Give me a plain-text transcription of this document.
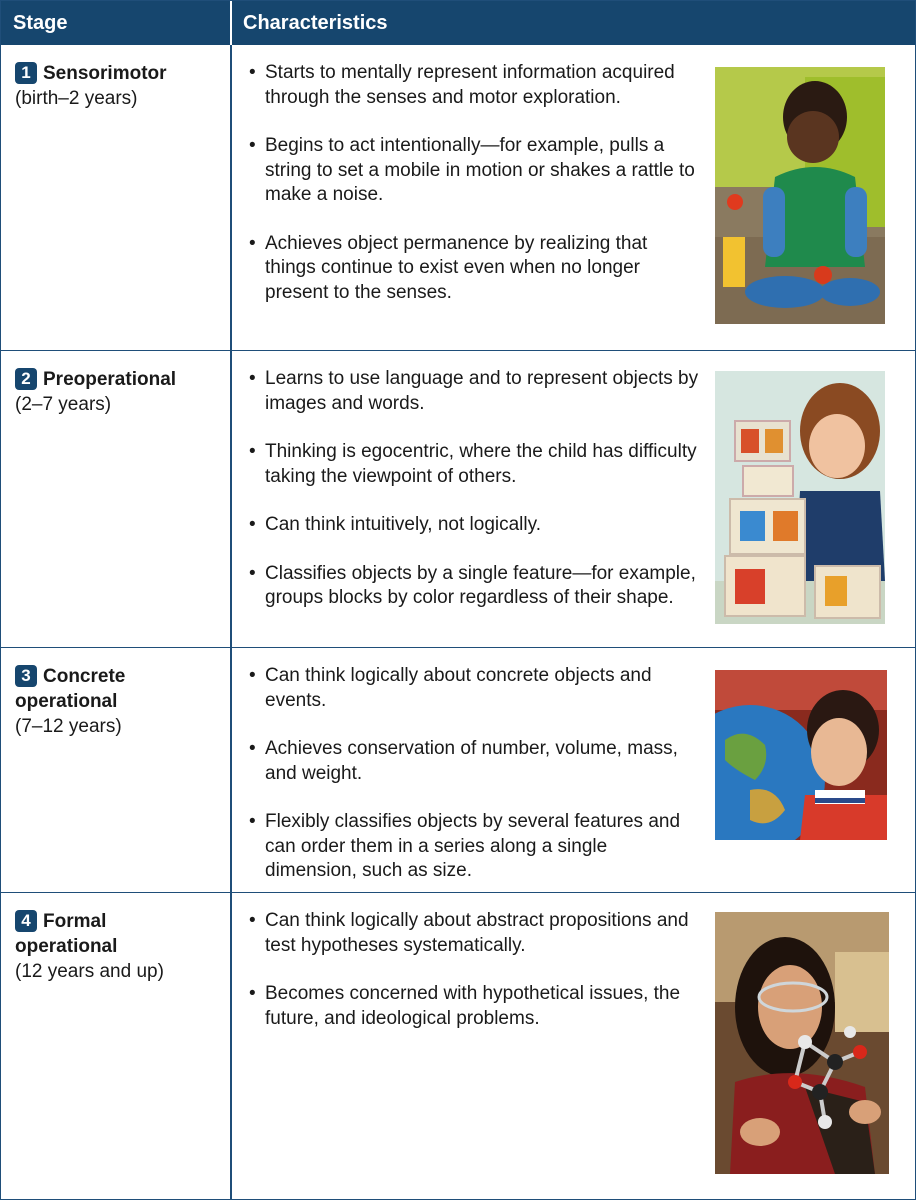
Stage	Characteristics
1 Sensorimotor
(birth–2 years)
• Starts to mentally represent information acquired through the senses and motor exploration.
• Begins to act intentionally—for example, pulls a string to set a mobile in motion or shakes a rattle to make a noise.
• Achieves object permanence by realizing that things continue to exist even when no longer present to the senses.
2 Preoperational
(2–7 years)
• Learns to use language and to represent objects by images and words.
• Thinking is egocentric, where the child has difficulty taking the viewpoint of others.
• Can think intuitively, not logically.
• Classifies objects by a single feature—for example, groups blocks by color regardless of their shape.
3 Concrete
operational
(7–12 years)
• Can think logically about concrete objects and events.
• Achieves conservation of number, volume, mass, and weight.
• Flexibly classifies objects by several features and can order them in a series along a single dimension, such as size.
4 Formal
operational
(12 years and up)
• Can think logically about abstract propositions and test hypotheses systematically.
• Becomes concerned with hypothetical issues, the future, and ideological problems.
